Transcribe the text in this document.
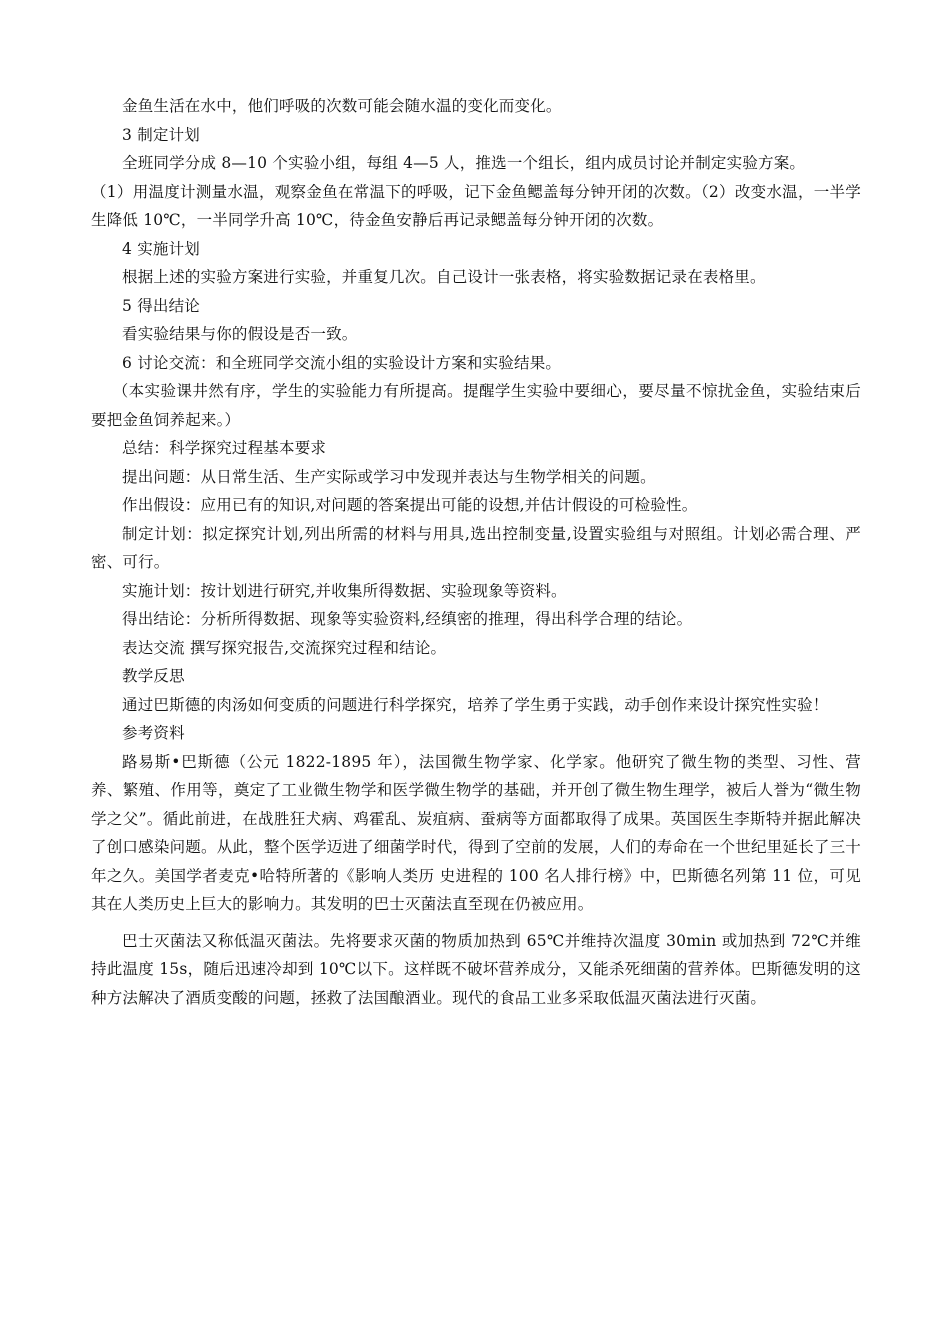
金鱼生活在水中，他们呼吸的次数可能会随水温的变化而变化。

3 制定计划

全班同学分成 8—10 个实验小组，每组 4—5 人，推选一个组长，组内成员讨论并制定实验方案。

（1）用温度计测量水温，观察金鱼在常温下的呼吸，记下金鱼鳃盖每分钟开闭的次数。（2）改变水温，一半学生降低 10℃，一半同学升高 10℃，待金鱼安静后再记录鳃盖每分钟开闭的次数。

4 实施计划

根据上述的实验方案进行实验，并重复几次。自己设计一张表格，将实验数据记录在表格里。

5 得出结论

看实验结果与你的假设是否一致。

6 讨论交流：和全班同学交流小组的实验设计方案和实验结果。

（本实验课井然有序，学生的实验能力有所提高。提醒学生实验中要细心，要尽量不惊扰金鱼，实验结束后要把金鱼饲养起来。）

总结：科学探究过程基本要求

提出问题：从日常生活、生产实际或学习中发现并表达与生物学相关的问题。

作出假设：应用已有的知识,对问题的答案提出可能的设想,并估计假设的可检验性。

制定计划：拟定探究计划,列出所需的材料与用具,选出控制变量,设置实验组与对照组。计划必需合理、严密、可行。

实施计划：按计划进行研究,并收集所得数据、实验现象等资料。

得出结论：分析所得数据、现象等实验资料,经缜密的推理，得出科学合理的结论。

表达交流 撰写探究报告,交流探究过程和结论。

教学反思

通过巴斯德的肉汤如何变质的问题进行科学探究，培养了学生勇于实践，动手创作来设计探究性实验！

参考资料

路易斯•巴斯德（公元 1822-1895 年），法国微生物学家、化学家。他研究了微生物的类型、习性、营养、繁殖、作用等，奠定了工业微生物学和医学微生物学的基础，并开创了微生物生理学，被后人誉为“微生物学之父”。循此前进，在战胜狂犬病、鸡霍乱、炭疽病、蚕病等方面都取得了成果。英国医生李斯特并据此解决了创口感染问题。从此，整个医学迈进了细菌学时代，得到了空前的发展，人们的寿命在一个世纪里延长了三十年之久。美国学者麦克•哈特所著的《影响人类历 史进程的 100 名人排行榜》中，巴斯德名列第 11 位，可见其在人类历史上巨大的影响力。其发明的巴士灭菌法直至现在仍被应用。

巴士灭菌法又称低温灭菌法。先将要求灭菌的物质加热到 65℃并维持次温度 30min 或加热到 72℃并维持此温度 15s，随后迅速冷却到 10℃以下。这样既不破坏营养成分，又能杀死细菌的营养体。巴斯德发明的这种方法解决了酒质变酸的问题，拯救了法国酿酒业。现代的食品工业多采取低温灭菌法进行灭菌。
